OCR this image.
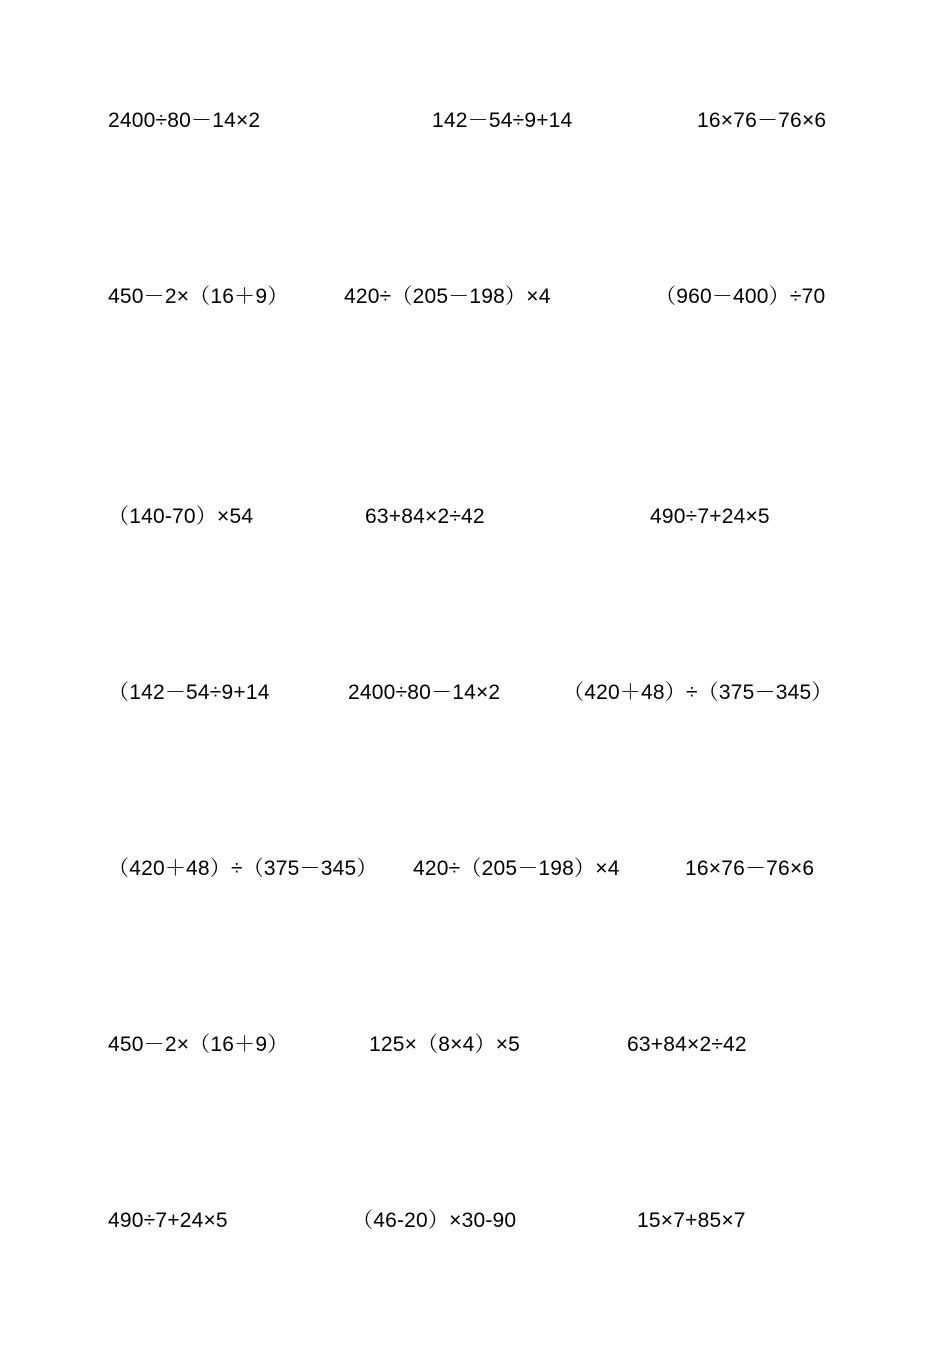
2400÷80－14×2	142－54÷9+14	16×76－76×6
450－2×（16＋9）	420÷（205－198）×4	（960－400）÷70
（140-70）×54	63+84×2÷42	490÷7+24×5
（142－54÷9+14	2400÷80－14×2	（420＋48）÷（375－345）
（420＋48）÷（375－345） 420÷（205－198）×4	16×76－76×6
450－2×（16＋9）	125×（8×4）×5	63+84×2÷42
490÷7+24×5	（46-20）×30-90	15×7+85×7
